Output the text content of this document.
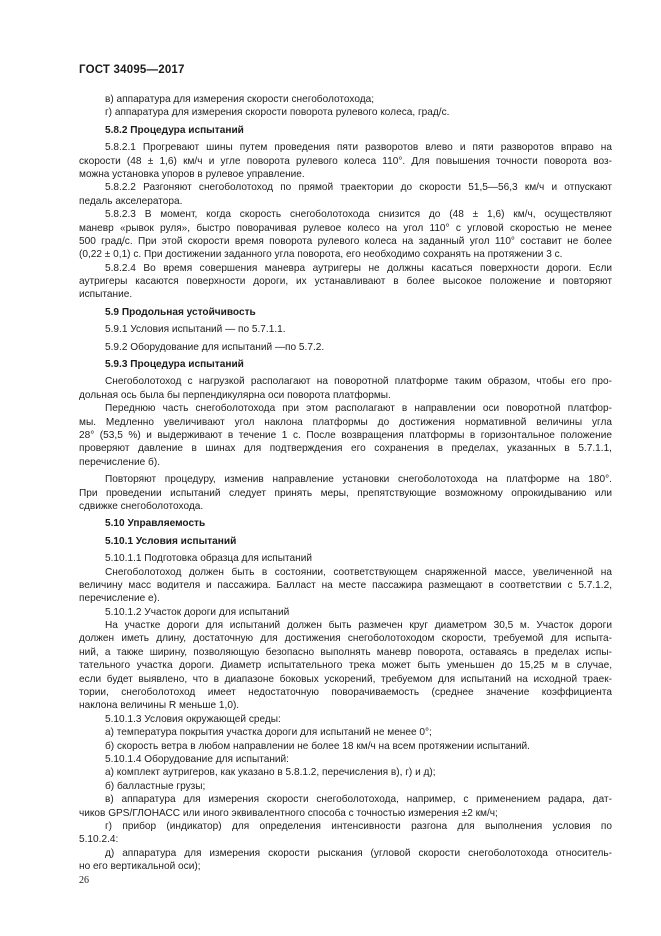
ГОСТ 34095—2017
в) аппаратура для измерения скорости снегоболотохода;
г) аппаратура для измерения скорости поворота рулевого колеса, град/с.
5.8.2 Процедура испытаний
5.8.2.1 Прогревают шины путем проведения пяти разворотов влево и пяти разворотов вправо на
скорости (48 ± 1,6) км/ч и угле поворота рулевого колеса 110°. Для повышения точности поворота воз-
можна установка упоров в рулевое управление.
5.8.2.2 Разгоняют снегоболотоход по прямой траектории до скорости 51,5—56,3 км/ч и отпускают
педаль акселератора.
5.8.2.3 В момент, когда скорость снегоболотохода снизится до (48 ± 1,6) км/ч, осуществляют
маневр «рывок руля», быстро поворачивая рулевое колесо на угол 110° с угловой скоростью не менее
500 град/с. При этой скорости время поворота рулевого колеса на заданный угол 110° составит не более
(0,22 ± 0,1) с. При достижении заданного угла поворота, его необходимо сохранять на протяжении 3 с.
5.8.2.4 Во время совершения маневра аутригеры не должны касаться поверхности дороги. Если
аутригеры касаются поверхности дороги, их устанавливают в более высокое положение и повторяют
испытание.
5.9 Продольная устойчивость
5.9.1 Условия испытаний — по 5.7.1.1.
5.9.2 Оборудование для испытаний —по 5.7.2.
5.9.3 Процедура испытаний
Снегоболотоход с нагрузкой располагают на поворотной платформе таким образом, чтобы его про-
дольная ось была бы перпендикулярна оси поворота платформы.
Переднюю часть снегоболотохода при этом располагают в направлении оси поворотной платфор-
мы. Медленно увеличивают угол наклона платформы до достижения нормативной величины угла
28° (53,5 %) и выдерживают в течение 1 с. После возвращения платформы в горизонтальное положение
проверяют давление в шинах для подтверждения его сохранения в пределах, указанных в 5.7.1.1,
перечисление б).
Повторяют процедуру, изменив направление установки снегоболотохода на платформе на 180°.
При проведении испытаний следует принять меры, препятствующие возможному опрокидыванию или
сдвижке снегоболотохода.
5.10 Управляемость
5.10.1 Условия испытаний
5.10.1.1 Подготовка образца для испытаний
Снегоболотоход должен быть в состоянии, соответствующем снаряженной массе, увеличенной на
величину масс водителя и пассажира. Балласт на месте пассажира размещают в соответствии с 5.7.1.2,
перечисление е).
5.10.1.2 Участок дороги для испытаний
На участке дороги для испытаний должен быть размечен круг диаметром 30,5 м. Участок дороги
должен иметь длину, достаточную для достижения снегоболотоходом скорости, требуемой для испыта-
ний, а также ширину, позволяющую безопасно выполнять маневр поворота, оставаясь в пределах испы-
тательного участка дороги. Диаметр испытательного трека может быть уменьшен до 15,25 м в случае,
если будет выявлено, что в диапазоне боковых ускорений, требуемом для испытаний на исходной траек-
тории, снегоболотоход имеет недостаточную поворачиваемость (среднее значение коэффициента
наклона величины R меньше 1,0).
5.10.1.3 Условия окружающей среды:
а) температура покрытия участка дороги для испытаний не менее 0°;
б) скорость ветра в любом направлении не более 18 км/ч на всем протяжении испытаний.
5.10.1.4 Оборудование для испытаний:
а) комплект аутригеров, как указано в 5.8.1.2, перечисления в), г) и д);
б) балластные грузы;
в) аппаратура для измерения скорости снегоболотохода, например, с применением радара, дат-
чиков GPS/ГЛОНАСС или иного эквивалентного способа с точностью измерения ±2 км/ч;
г) прибор (индикатор) для определения интенсивности разгона для выполнения условия по
5.10.2.4:
д) аппаратура для измерения скорости рыскания (угловой скорости снегоболотохода относитель-
но его вертикальной оси);
26
